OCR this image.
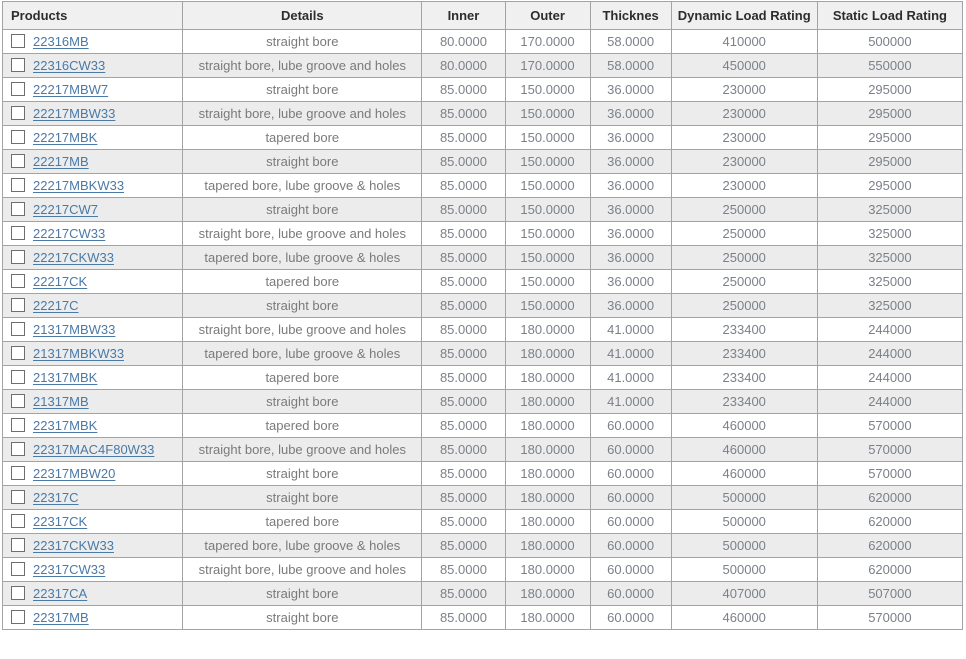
Products	Details	Inner	Outer	Thicknes	Dynamic Load Rating	Static Load Rating
22316MB	straight bore	80.0000	170.0000	58.0000	410000	500000
22316CW33	straight bore, lube groove and holes	80.0000	170.0000	58.0000	450000	550000
22217MBW7	straight bore	85.0000	150.0000	36.0000	230000	295000
22217MBW33	straight bore, lube groove and holes	85.0000	150.0000	36.0000	230000	295000
22217MBK	tapered bore	85.0000	150.0000	36.0000	230000	295000
22217MB	straight bore	85.0000	150.0000	36.0000	230000	295000
22217MBKW33	tapered bore, lube groove & holes	85.0000	150.0000	36.0000	230000	295000
22217CW7	straight bore	85.0000	150.0000	36.0000	250000	325000
22217CW33	straight bore, lube groove and holes	85.0000	150.0000	36.0000	250000	325000
22217CKW33	tapered bore, lube groove & holes	85.0000	150.0000	36.0000	250000	325000
22217CK	tapered bore	85.0000	150.0000	36.0000	250000	325000
22217C	straight bore	85.0000	150.0000	36.0000	250000	325000
21317MBW33	straight bore, lube groove and holes	85.0000	180.0000	41.0000	233400	244000
21317MBKW33	tapered bore, lube groove & holes	85.0000	180.0000	41.0000	233400	244000
21317MBK	tapered bore	85.0000	180.0000	41.0000	233400	244000
21317MB	straight bore	85.0000	180.0000	41.0000	233400	244000
22317MBK	tapered bore	85.0000	180.0000	60.0000	460000	570000
22317MAC4F80W33	straight bore, lube groove and holes	85.0000	180.0000	60.0000	460000	570000
22317MBW20	straight bore	85.0000	180.0000	60.0000	460000	570000
22317C	straight bore	85.0000	180.0000	60.0000	500000	620000
22317CK	tapered bore	85.0000	180.0000	60.0000	500000	620000
22317CKW33	tapered bore, lube groove & holes	85.0000	180.0000	60.0000	500000	620000
22317CW33	straight bore, lube groove and holes	85.0000	180.0000	60.0000	500000	620000
22317CA	straight bore	85.0000	180.0000	60.0000	407000	507000
22317MB	straight bore	85.0000	180.0000	60.0000	460000	570000
